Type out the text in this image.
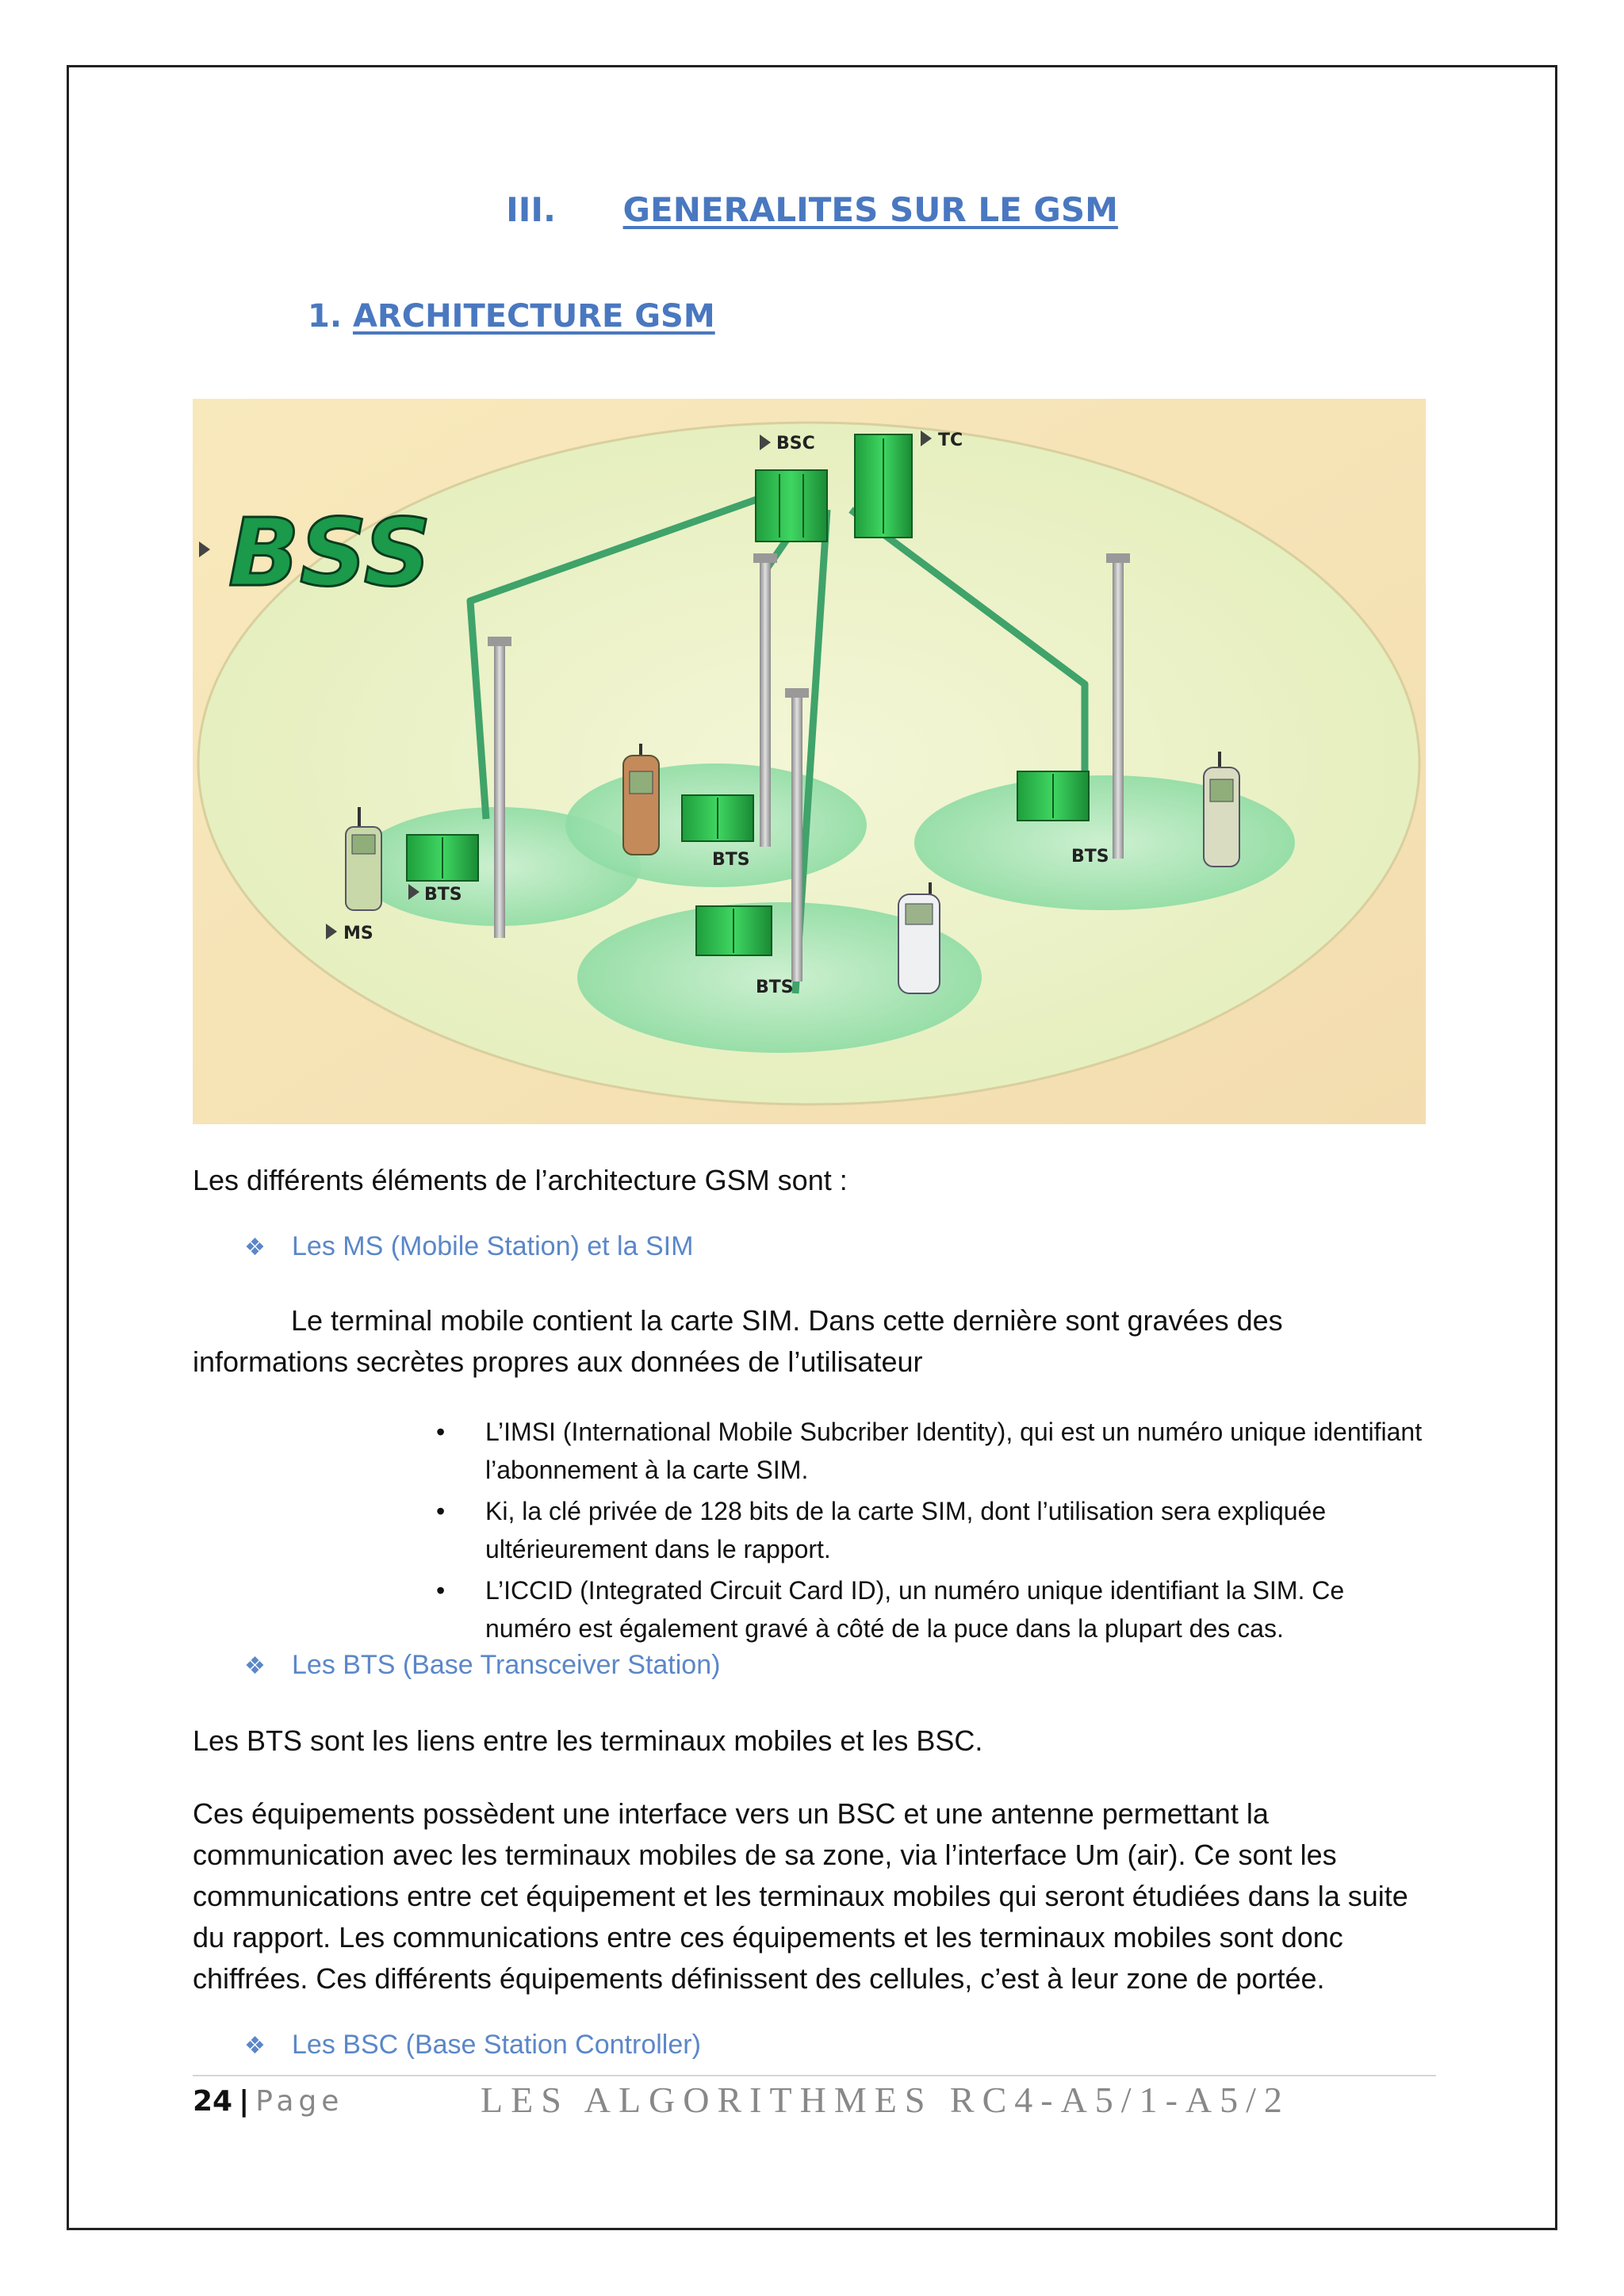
III. GENERALITES SUR LE GSM
1. ARCHITECTURE GSM
BSS
BSC	TC
BTS
BTS	BTS
BTS
MS
Les différents éléments de l’architecture GSM sont :
❖ Les MS (Mobile Station) et la SIM
Le terminal mobile contient la carte SIM. Dans cette dernière sont gravées des informations secrètes propres aux données de l’utilisateur
• L’IMSI (International Mobile Subcriber Identity), qui est un numéro unique identifiant l’abonnement à la carte SIM.
• Ki, la clé privée de 128 bits de la carte SIM, dont l’utilisation sera expliquée ultérieurement dans le rapport.
• L’ICCID (Integrated Circuit Card ID), un numéro unique identifiant la SIM. Ce numéro est également gravé à côté de la puce dans la plupart des cas.
❖ Les BTS (Base Transceiver Station)
Les BTS sont les liens entre les terminaux mobiles et les BSC.
Ces équipements possèdent une interface vers un BSC et une antenne permettant la communication avec les terminaux mobiles de sa zone, via l’interface Um (air). Ce sont les communications entre cet équipement et les terminaux mobiles qui seront étudiées dans la suite du rapport. Les communications entre ces équipements et les terminaux mobiles sont donc chiffrées. Ces différents équipements définissent des cellules, c’est à leur zone de portée.
❖ Les BSC (Base Station Controller)
24 | Page	LES ALGORITHMES RC4-A5/1-A5/2
